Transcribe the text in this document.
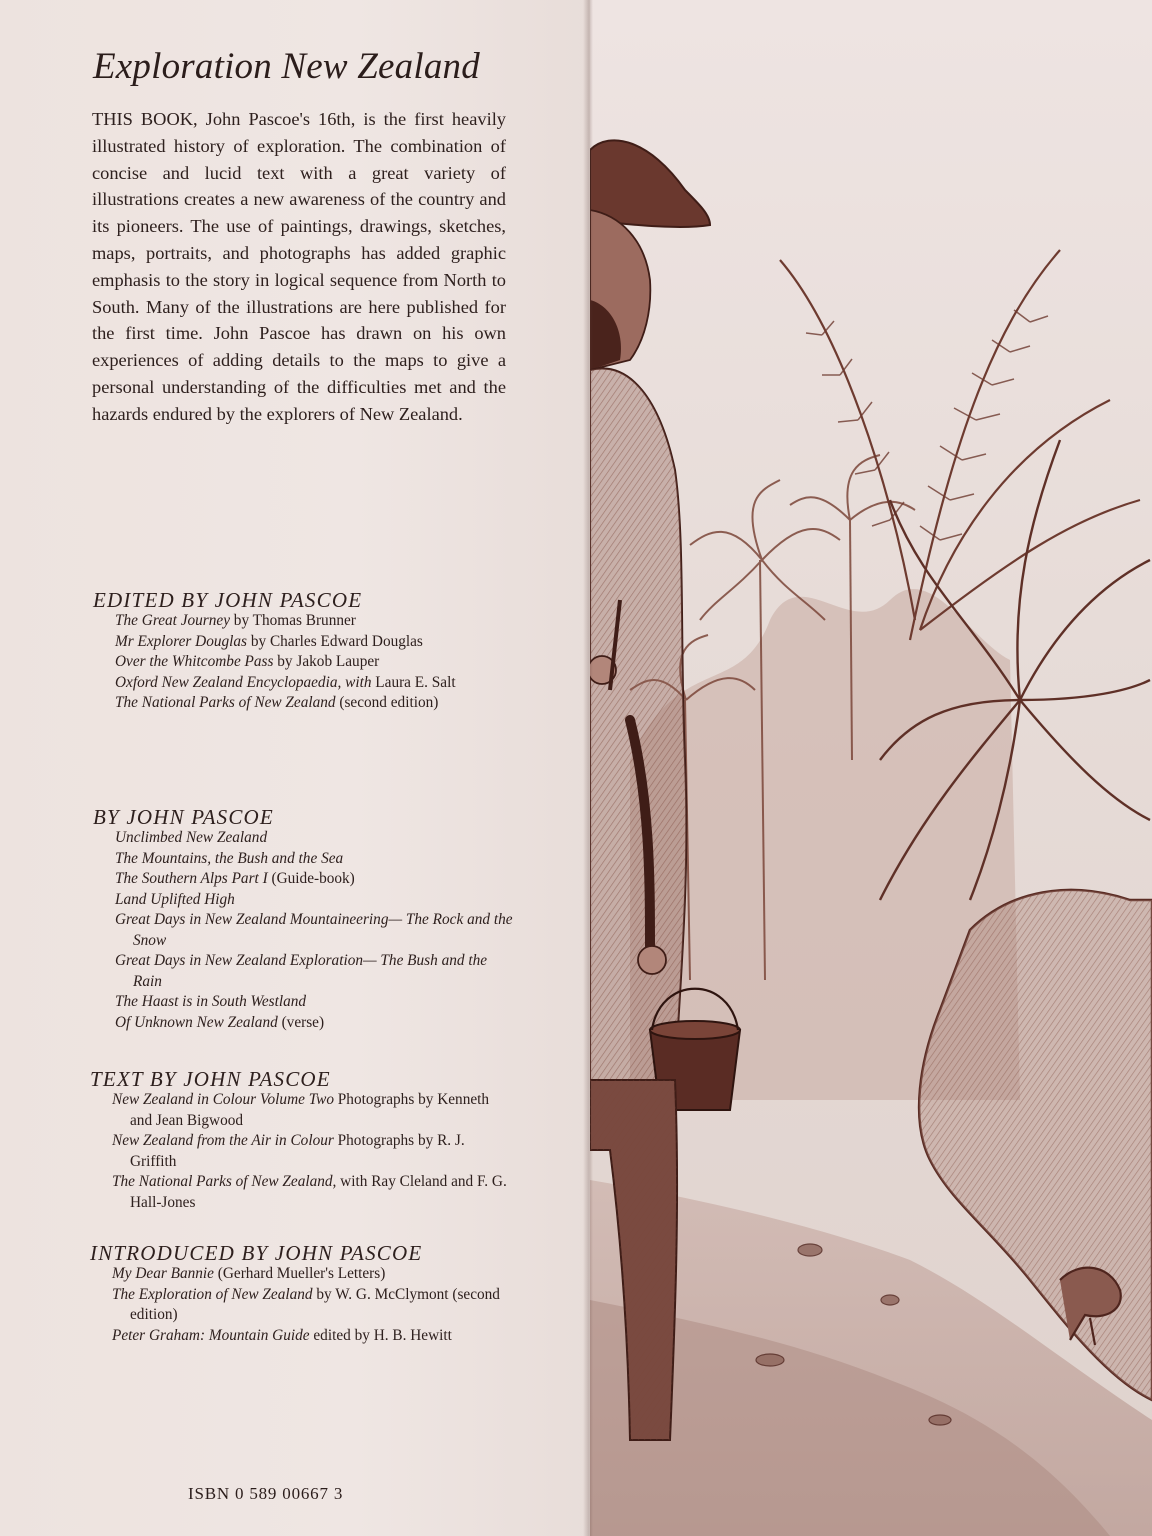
Exploration New Zealand
THIS BOOK, John Pascoe's 16th, is the first heavily illustrated history of exploration. The combination of concise and lucid text with a great variety of illustrations creates a new awareness of the country and its pioneers. The use of paintings, drawings, sketches, maps, portraits, and photographs has added graphic emphasis to the story in logical sequence from North to South. Many of the illustrations are here published for the first time. John Pascoe has drawn on his own experiences of adding details to the maps to give a personal understanding of the difficulties met and the hazards endured by the explorers of New Zealand.
EDITED BY JOHN PASCOE
The Great Journey by Thomas Brunner
Mr Explorer Douglas by Charles Edward Douglas
Over the Whitcombe Pass by Jakob Lauper
Oxford New Zealand Encyclopaedia, with Laura E. Salt
The National Parks of New Zealand (second edition)
BY JOHN PASCOE
Unclimbed New Zealand
The Mountains, the Bush and the Sea
The Southern Alps Part I (Guide-book)
Land Uplifted High
Great Days in New Zealand Mountaineering— The Rock and the Snow
Great Days in New Zealand Exploration— The Bush and the Rain
The Haast is in South Westland
Of Unknown New Zealand (verse)
TEXT BY JOHN PASCOE
New Zealand in Colour Volume Two Photographs by Kenneth and Jean Bigwood
New Zealand from the Air in Colour Photographs by R. J. Griffith
The National Parks of New Zealand, with Ray Cleland and F. G. Hall-Jones
INTRODUCED BY JOHN PASCOE
My Dear Bannie (Gerhard Mueller's Letters)
The Exploration of New Zealand by W. G. McClymont (second edition)
Peter Graham: Mountain Guide edited by H. B. Hewitt
ISBN 0 589 00667 3
